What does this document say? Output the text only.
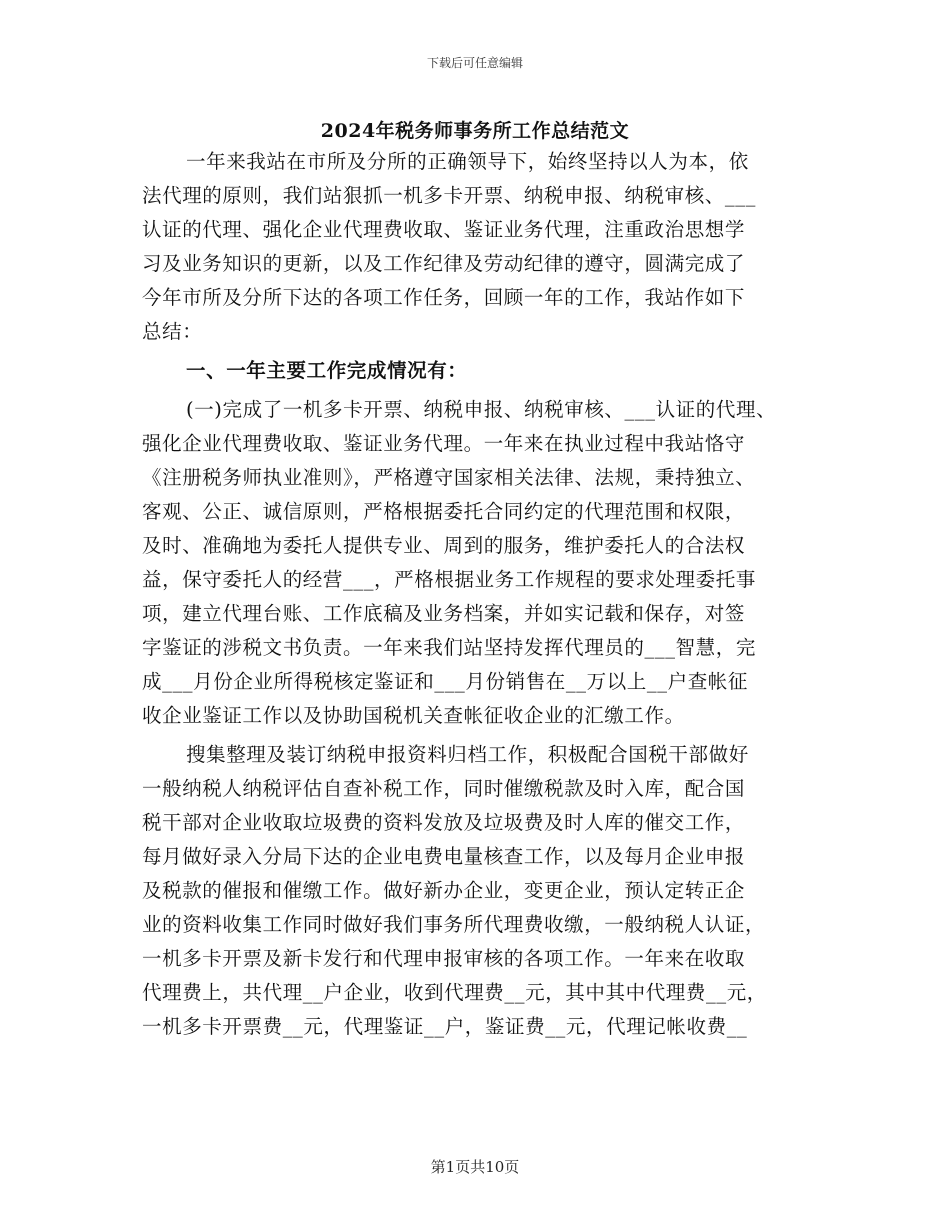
下载后可任意编辑
2024年税务师事务所工作总结范文
一年来我站在市所及分所的正确领导下，始终坚持以人为本，依
法代理的原则，我们站狠抓一机多卡开票、纳税申报、纳税审核、___
认证的代理、强化企业代理费收取、鉴证业务代理，注重政治思想学
习及业务知识的更新，以及工作纪律及劳动纪律的遵守，圆满完成了
今年市所及分所下达的各项工作任务，回顾一年的工作，我站作如下
总结：
一、一年主要工作完成情况有：
(一)完成了一机多卡开票、纳税申报、纳税审核、___认证的代理、
强化企业代理费收取、鉴证业务代理。一年来在执业过程中我站恪守
《注册税务师执业准则》，严格遵守国家相关法律、法规，秉持独立、
客观、公正、诚信原则，严格根据委托合同约定的代理范围和权限，
及时、准确地为委托人提供专业、周到的服务，维护委托人的合法权
益，保守委托人的经营___，严格根据业务工作规程的要求处理委托事
项，建立代理台账、工作底稿及业务档案，并如实记载和保存，对签
字鉴证的涉税文书负责。一年来我们站坚持发挥代理员的___智慧，完
成___月份企业所得税核定鉴证和___月份销售在__万以上__户查帐征
收企业鉴证工作以及协助国税机关查帐征收企业的汇缴工作。
搜集整理及装订纳税申报资料归档工作，积极配合国税干部做好
一般纳税人纳税评估自查补税工作，同时催缴税款及时入库，配合国
税干部对企业收取垃圾费的资料发放及垃圾费及时人库的催交工作，
每月做好录入分局下达的企业电费电量核查工作，以及每月企业申报
及税款的催报和催缴工作。做好新办企业，变更企业，预认定转正企
业的资料收集工作同时做好我们事务所代理费收缴，一般纳税人认证，
一机多卡开票及新卡发行和代理申报审核的各项工作。一年来在收取
代理费上，共代理__户企业，收到代理费__元，其中其中代理费__元，
一机多卡开票费__元，代理鉴证__户，鉴证费__元，代理记帐收费__
第1页共10页
